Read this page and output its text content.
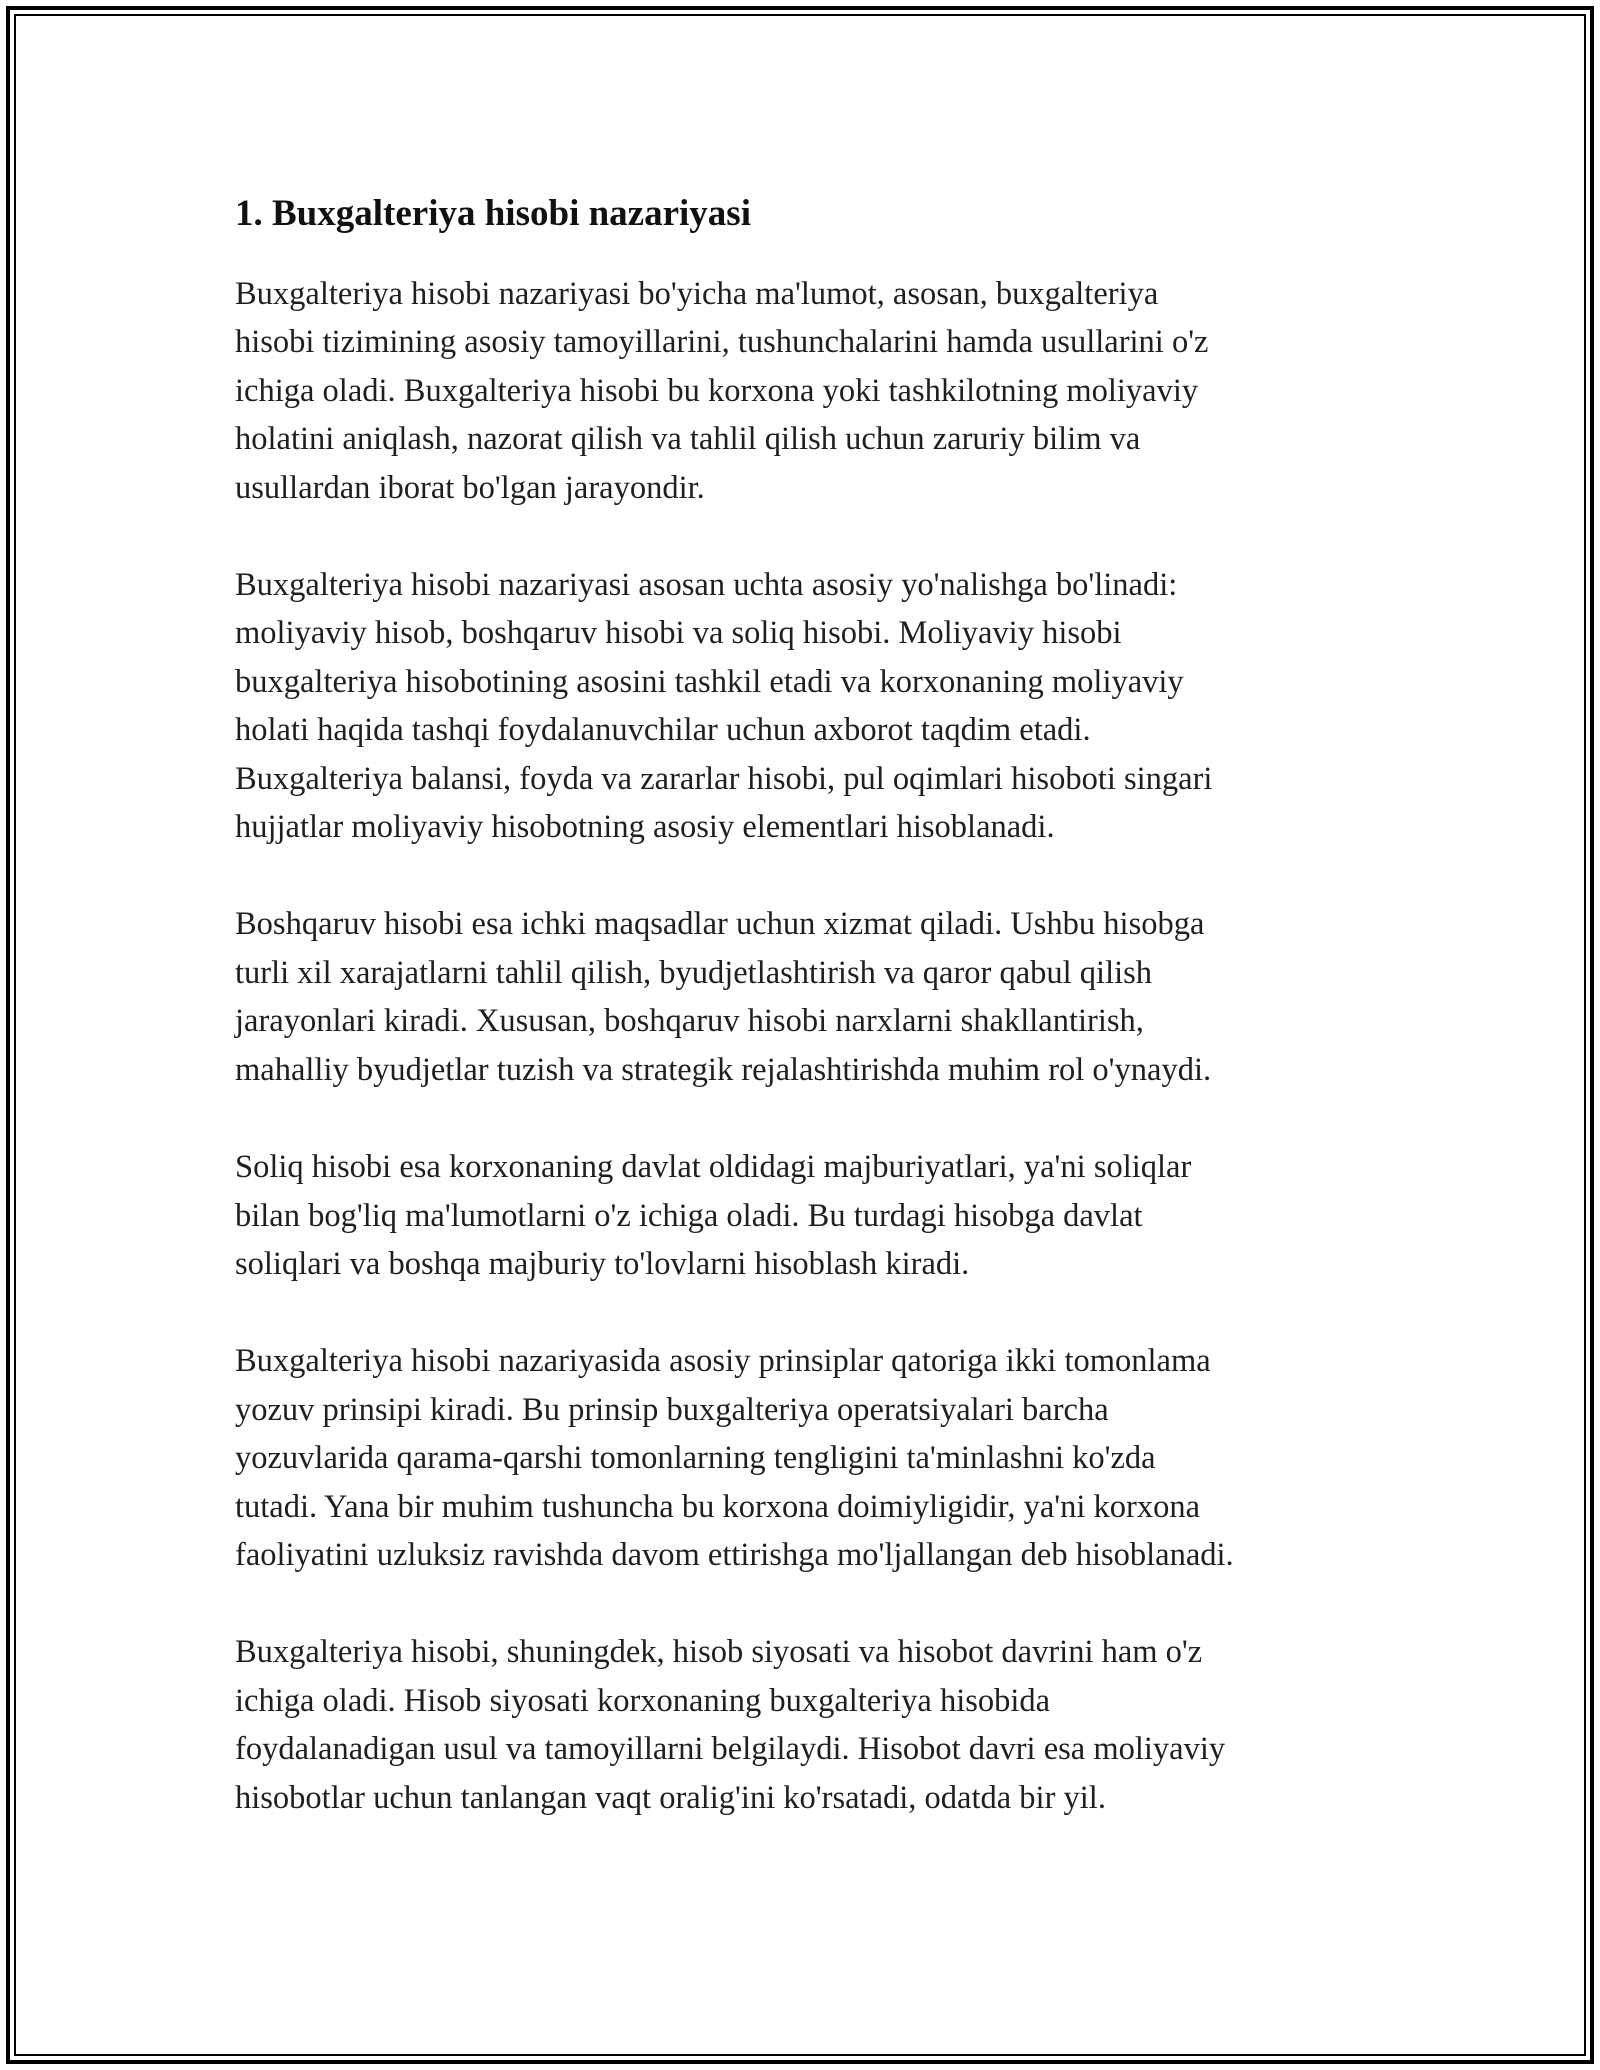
1. Buxgalteriya hisobi nazariyasi

Buxgalteriya hisobi nazariyasi bo'yicha ma'lumot, asosan, buxgalteriya
hisobi tizimining asosiy tamoyillarini, tushunchalarini hamda usullarini o'z
ichiga oladi. Buxgalteriya hisobi bu korxona yoki tashkilotning moliyaviy
holatini aniqlash, nazorat qilish va tahlil qilish uchun zaruriy bilim va
usullardan iborat bo'lgan jarayondir.

Buxgalteriya hisobi nazariyasi asosan uchta asosiy yo'nalishga bo'linadi:
moliyaviy hisob, boshqaruv hisobi va soliq hisobi. Moliyaviy hisobi
buxgalteriya hisobotining asosini tashkil etadi va korxonaning moliyaviy
holati haqida tashqi foydalanuvchilar uchun axborot taqdim etadi.
Buxgalteriya balansi, foyda va zararlar hisobi, pul oqimlari hisoboti singari
hujjatlar moliyaviy hisobotning asosiy elementlari hisoblanadi.

Boshqaruv hisobi esa ichki maqsadlar uchun xizmat qiladi. Ushbu hisobga
turli xil xarajatlarni tahlil qilish, byudjetlashtirish va qaror qabul qilish
jarayonlari kiradi. Xususan, boshqaruv hisobi narxlarni shakllantirish,
mahalliy byudjetlar tuzish va strategik rejalashtirishda muhim rol o'ynaydi.

Soliq hisobi esa korxonaning davlat oldidagi majburiyatlari, ya'ni soliqlar
bilan bog'liq ma'lumotlarni o'z ichiga oladi. Bu turdagi hisobga davlat
soliqlari va boshqa majburiy to'lovlarni hisoblash kiradi.

Buxgalteriya hisobi nazariyasida asosiy prinsiplar qatoriga ikki tomonlama
yozuv prinsipi kiradi. Bu prinsip buxgalteriya operatsiyalari barcha
yozuvlarida qarama-qarshi tomonlarning tengligini ta'minlashni ko'zda
tutadi. Yana bir muhim tushuncha bu korxona doimiyligidir, ya'ni korxona
faoliyatini uzluksiz ravishda davom ettirishga mo'ljallangan deb hisoblanadi.

Buxgalteriya hisobi, shuningdek, hisob siyosati va hisobot davrini ham o'z
ichiga oladi. Hisob siyosati korxonaning buxgalteriya hisobida
foydalanadigan usul va tamoyillarni belgilaydi. Hisobot davri esa moliyaviy
hisobotlar uchun tanlangan vaqt oralig'ini ko'rsatadi, odatda bir yil.
